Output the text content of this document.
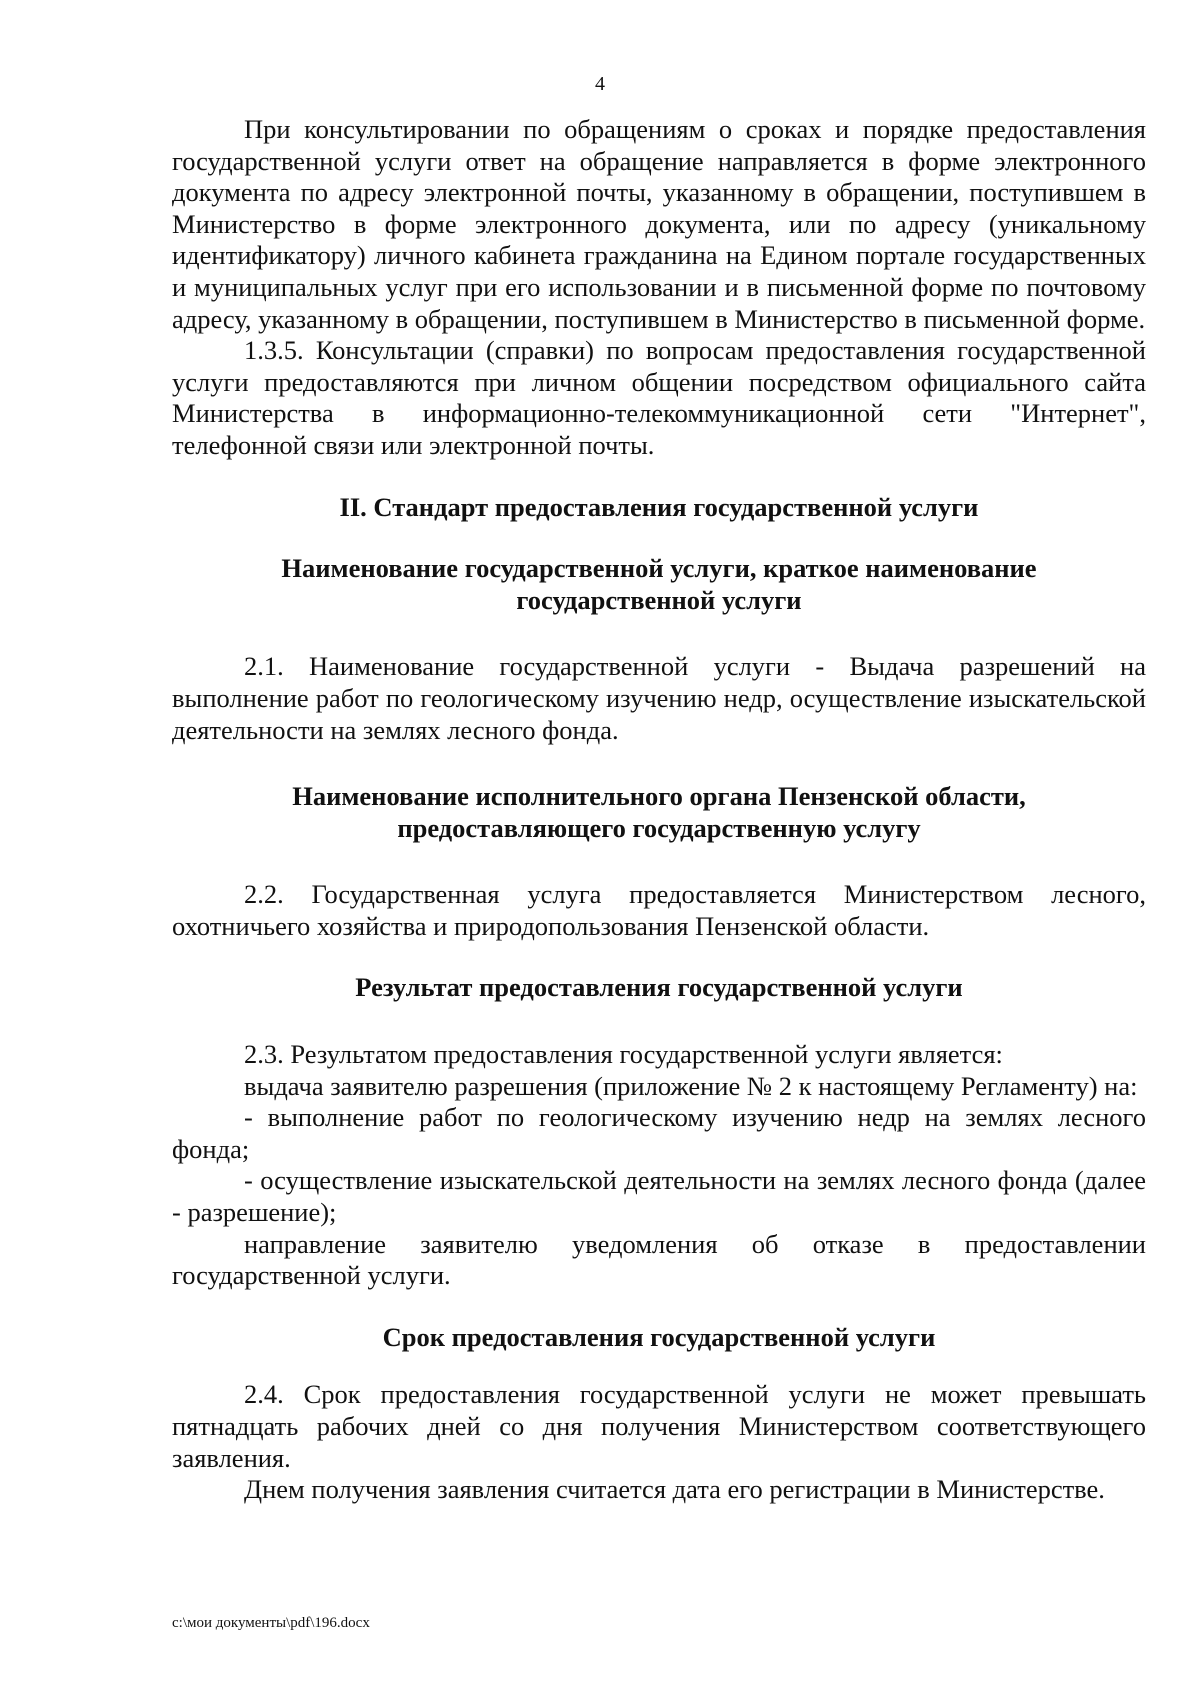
4

При консультировании по обращениям о сроках и порядке предоставления государственной услуги ответ на обращение направляется в форме электронного документа по адресу электронной почты, указанному в обращении, поступившем в Министерство в форме электронного документа, или по адресу (уникальному идентификатору) личного кабинета гражданина на Едином портале государственных и муниципальных услуг при его использовании и в письменной форме по почтовому адресу, указанному в обращении, поступившем в Министерство в письменной форме.

1.3.5. Консультации (справки) по вопросам предоставления государственной услуги предоставляются при личном общении посредством официального сайта Министерства в информационно-телекоммуникационной сети "Интернет", телефонной связи или электронной почты.

II. Стандарт предоставления государственной услуги
Наименование государственной услуги, краткое наименование государственной услуги

2.1. Наименование государственной услуги - Выдача разрешений на выполнение работ по геологическому изучению недр, осуществление изыскательской деятельности на землях лесного фонда.

Наименование исполнительного органа Пензенской области, предоставляющего государственную услугу

2.2. Государственная услуга предоставляется Министерством лесного, охотничьего хозяйства и природопользования Пензенской области.

Результат предоставления государственной услуги

2.3. Результатом предоставления государственной услуги является:

выдача заявителю разрешения (приложение № 2 к настоящему Регламенту) на:

- выполнение работ по геологическому изучению недр на землях лесного фонда;

- осуществление изыскательской деятельности на землях лесного фонда (далее - разрешение);

направление заявителю уведомления об отказе в предоставлении государственной услуги.

Срок предоставления государственной услуги

2.4. Срок предоставления государственной услуги не может превышать пятнадцать рабочих дней со дня получения Министерством соответствующего заявления.

Днем получения заявления считается дата его регистрации в Министерстве.

c:\мои документы\pdf\196.docx
